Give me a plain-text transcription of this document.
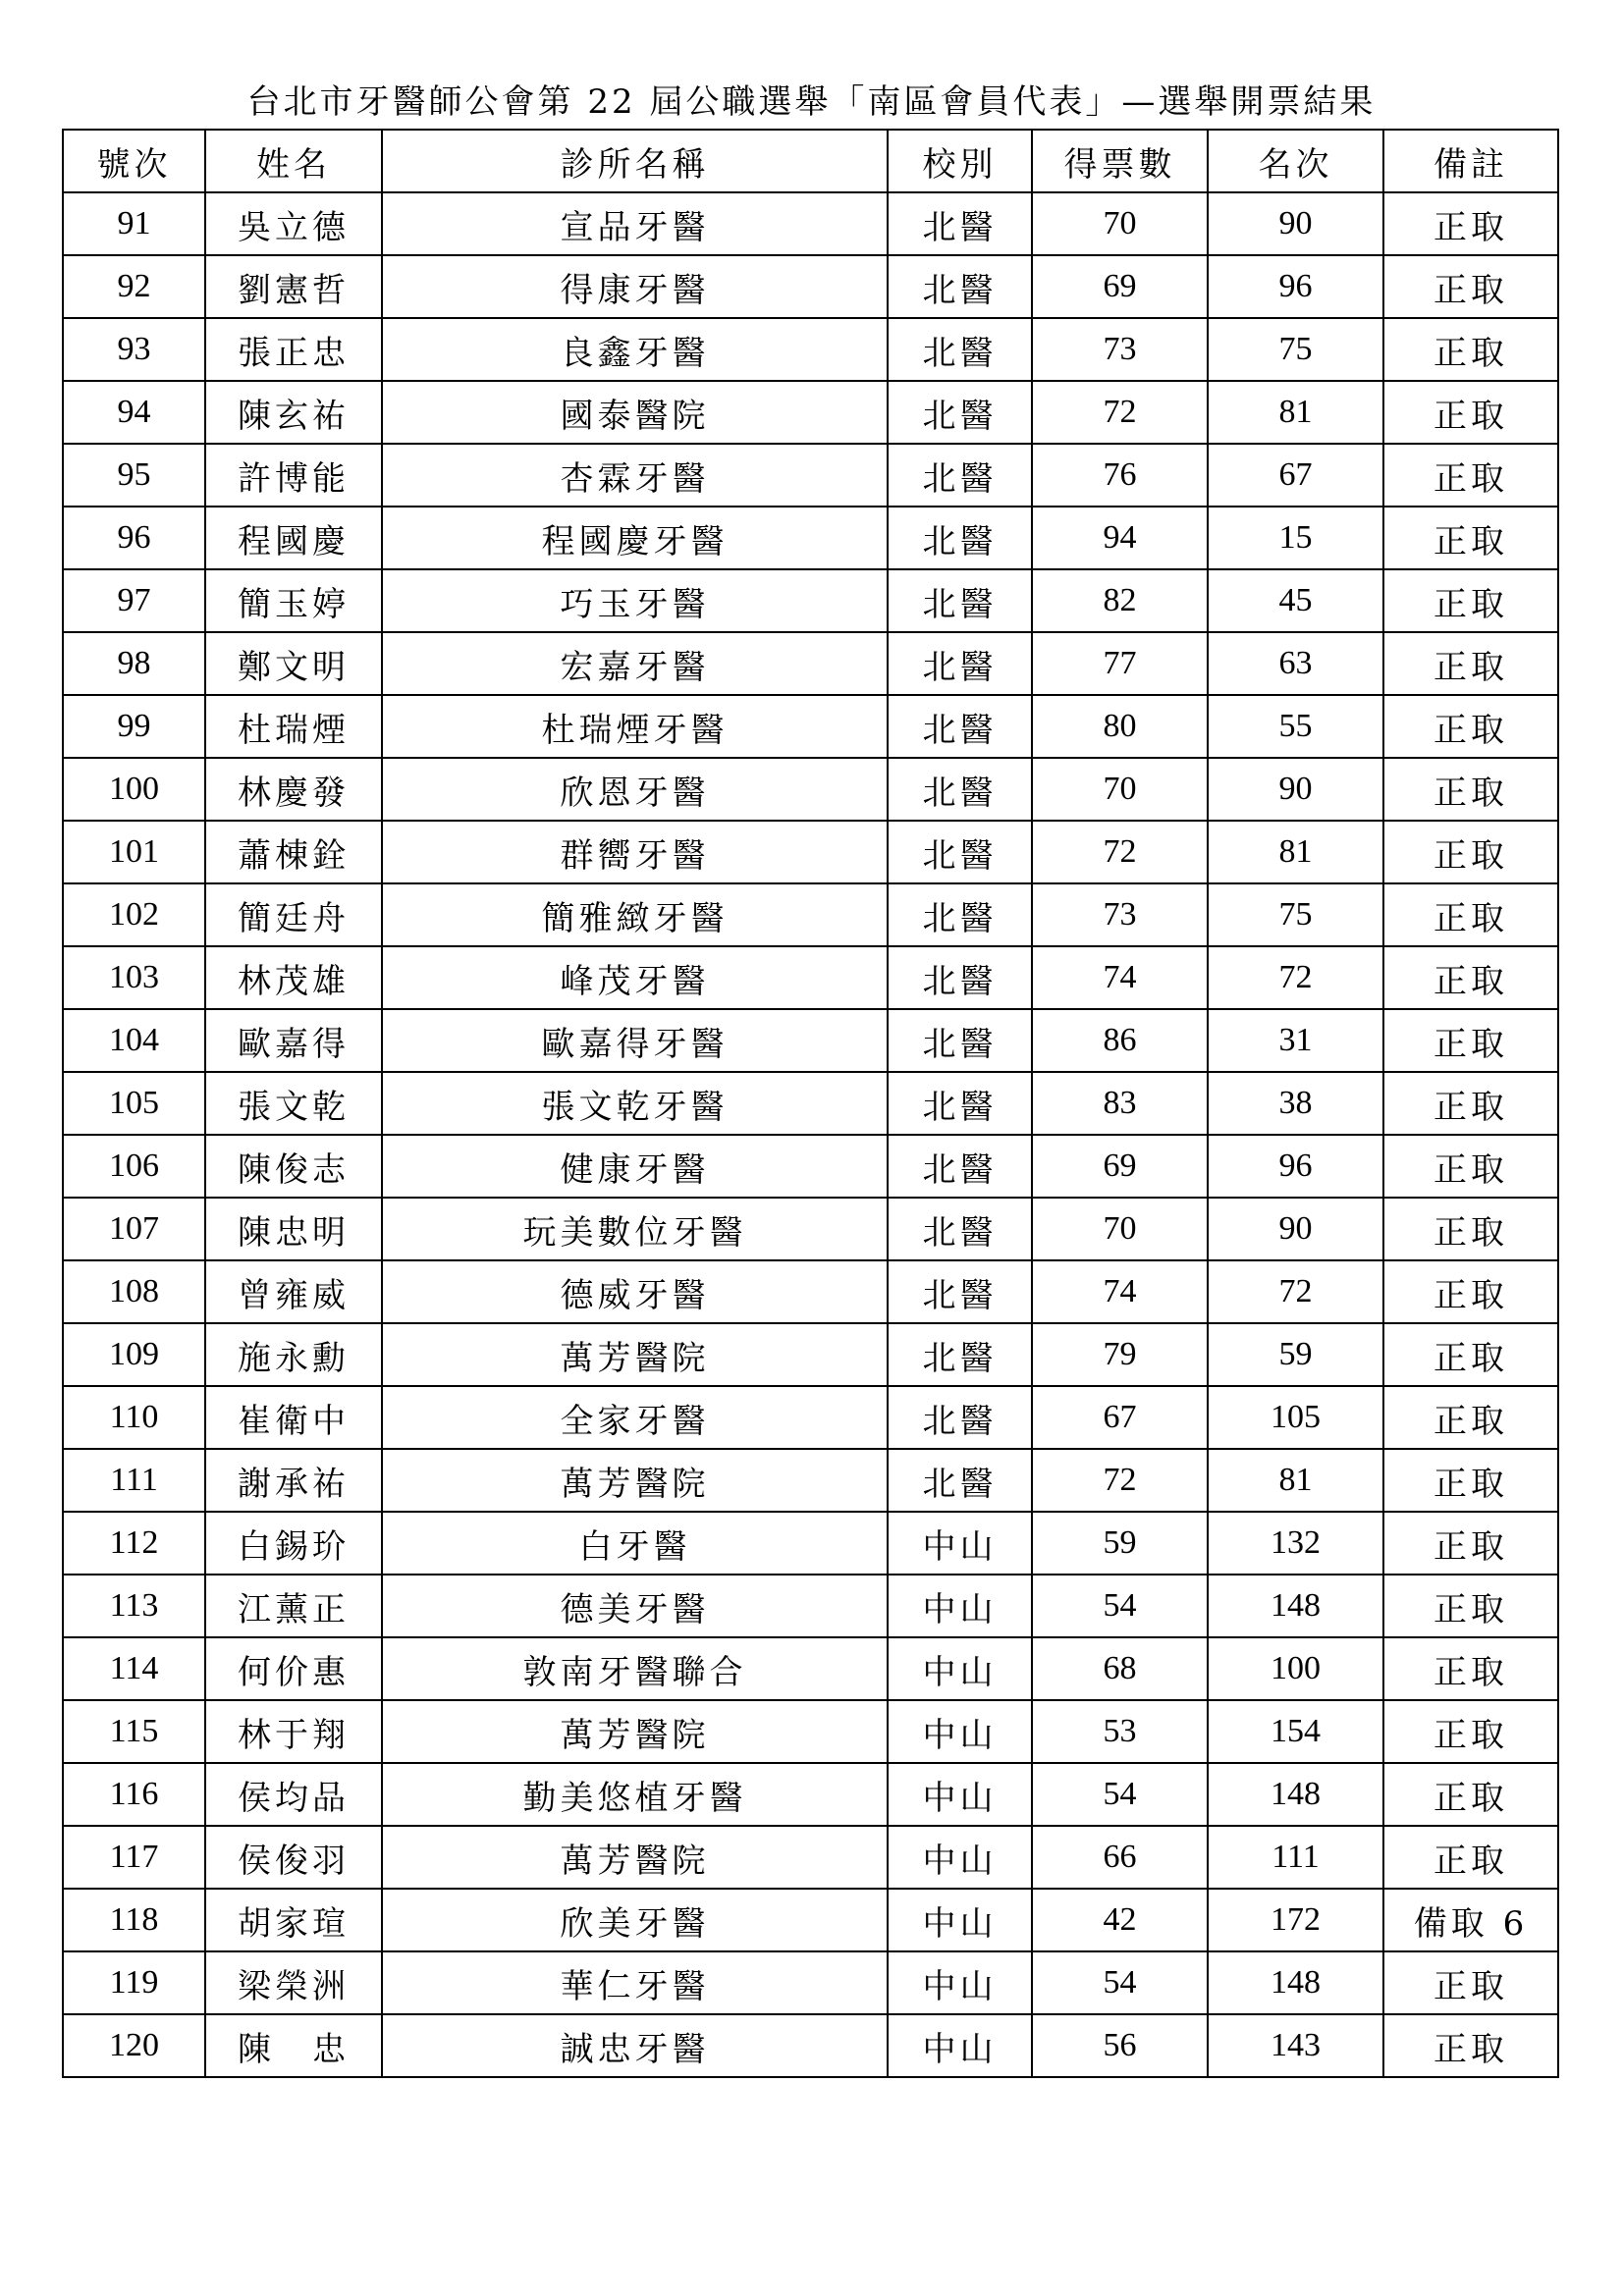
台北市牙醫師公會第 22 屆公職選舉「南區會員代表」—選舉開票結果
號次	姓名	診所名稱	校別	得票數	名次	備註
91	吳立德	宣品牙醫	北醫	70	90	正取
92	劉憲哲	得康牙醫	北醫	69	96	正取
93	張正忠	良鑫牙醫	北醫	73	75	正取
94	陳玄祐	國泰醫院	北醫	72	81	正取
95	許博能	杏霖牙醫	北醫	76	67	正取
96	程國慶	程國慶牙醫	北醫	94	15	正取
97	簡玉婷	巧玉牙醫	北醫	82	45	正取
98	鄭文明	宏嘉牙醫	北醫	77	63	正取
99	杜瑞煙	杜瑞煙牙醫	北醫	80	55	正取
100	林慶發	欣恩牙醫	北醫	70	90	正取
101	蕭棟銓	群嚮牙醫	北醫	72	81	正取
102	簡廷舟	簡雅緻牙醫	北醫	73	75	正取
103	林茂雄	峰茂牙醫	北醫	74	72	正取
104	歐嘉得	歐嘉得牙醫	北醫	86	31	正取
105	張文乾	張文乾牙醫	北醫	83	38	正取
106	陳俊志	健康牙醫	北醫	69	96	正取
107	陳忠明	玩美數位牙醫	北醫	70	90	正取
108	曾雍威	德威牙醫	北醫	74	72	正取
109	施永勳	萬芳醫院	北醫	79	59	正取
110	崔衛中	全家牙醫	北醫	67	105	正取
111	謝承祐	萬芳醫院	北醫	72	81	正取
112	白錫玠	白牙醫	中山	59	132	正取
113	江薰正	德美牙醫	中山	54	148	正取
114	何价惠	敦南牙醫聯合	中山	68	100	正取
115	林于翔	萬芳醫院	中山	53	154	正取
116	侯均品	勤美悠植牙醫	中山	54	148	正取
117	侯俊羽	萬芳醫院	中山	66	111	正取
118	胡家瑄	欣美牙醫	中山	42	172	備取 6
119	梁榮洲	華仁牙醫	中山	54	148	正取
120	陳　忠	誠忠牙醫	中山	56	143	正取
